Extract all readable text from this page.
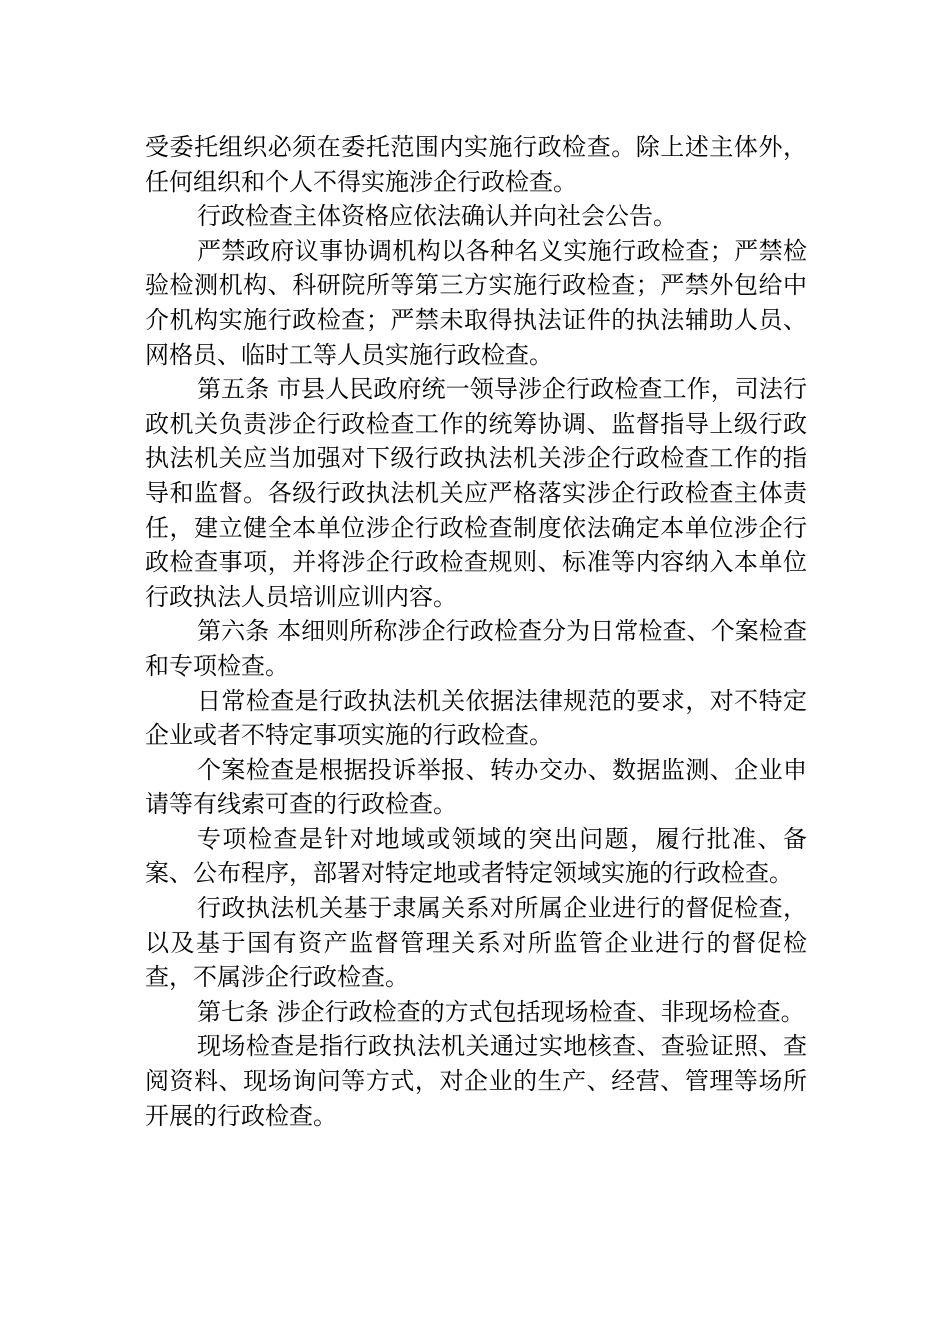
受委托组织必须在委托范围内实施行政检查。除上述主体外，任何组织和个人不得实施涉企行政检查。

行政检查主体资格应依法确认并向社会公告。

严禁政府议事协调机构以各种名义实施行政检查；严禁检验检测机构、科研院所等第三方实施行政检查；严禁外包给中介机构实施行政检查；严禁未取得执法证件的执法辅助人员、网格员、临时工等人员实施行政检查。

第五条 市县人民政府统一领导涉企行政检查工作，司法行政机关负责涉企行政检查工作的统筹协调、监督指导上级行政执法机关应当加强对下级行政执法机关涉企行政检查工作的指导和监督。各级行政执法机关应严格落实涉企行政检查主体责任，建立健全本单位涉企行政检查制度依法确定本单位涉企行政检查事项，并将涉企行政检查规则、标准等内容纳入本单位行政执法人员培训应训内容。

第六条 本细则所称涉企行政检查分为日常检查、个案检查和专项检查。

日常检查是行政执法机关依据法律规范的要求，对不特定企业或者不特定事项实施的行政检查。

个案检查是根据投诉举报、转办交办、数据监测、企业申请等有线索可查的行政检查。

专项检查是针对地域或领域的突出问题，履行批准、备案、公布程序，部署对特定地或者特定领域实施的行政检查。

行政执法机关基于隶属关系对所属企业进行的督促检查，以及基于国有资产监督管理关系对所监管企业进行的督促检查，不属涉企行政检查。

第七条 涉企行政检查的方式包括现场检查、非现场检查。

现场检查是指行政执法机关通过实地核查、查验证照、查阅资料、现场询问等方式，对企业的生产、经营、管理等场所开展的行政检查。
